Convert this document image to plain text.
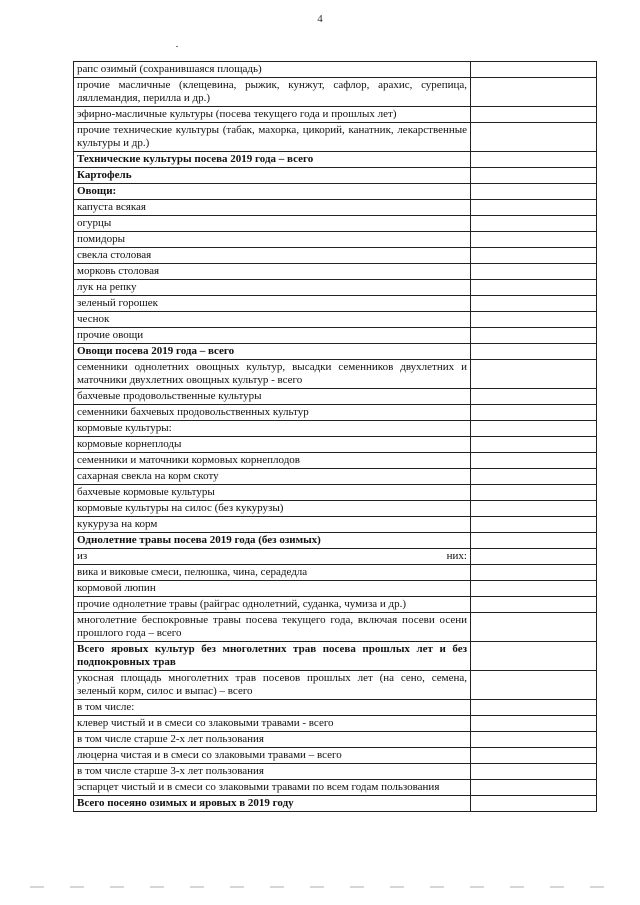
4
рапс озимый (сохранившаяся площадь)	
прочие масличные (клещевина, рыжик, кунжут, сафлор, арахис, сурепица, ляллемандия, перилла и др.)	
эфирно-масличные культуры (посева текущего года и прошлых лет)	
прочие технические культуры (табак, махорка, цикорий, канатник, лекарственные культуры и др.)	
Технические культуры посева 2019 года – всего	
Картофель	
Овощи:	
капуста всякая	
огурцы	
помидоры	
свекла столовая	
морковь столовая	
лук на репку	
зеленый горошек	
чеснок	
прочие овощи	
Овощи посева 2019 года – всего	
семенники однолетних овощных культур, высадки семенников двухлетних и маточники двухлетних овощных культур - всего	
бахчевые продовольственные культуры	
семенники бахчевых продовольственных культур	
кормовые культуры:	
кормовые корнеплоды	
семенники и маточники кормовых корнеплодов	
сахарная свекла на корм скоту	
бахчевые кормовые культуры	
кормовые культуры на силос (без кукурузы)	
кукуруза на корм	
Однолетние травы посева 2019 года (без озимых)	

из них:	

вика и виковые смеси, пелюшка, чина, серадедла	
кормовой люпин	
прочие однолетние травы (райграс однолетний, суданка, чумиза и др.)	
многолетние беспокровные травы посева текущего года, включая посеви осени прошлого года – всего	
Всего яровых культур без многолетних трав посева прошлых лет и без подпокровных трав	
укосная площадь многолетних трав посевов прошлых лет (на сено, семена, зеленый корм, силос и выпас) – всего	
в том числе:	
клевер чистый и в смеси со злаковыми травами - всего	
в том числе старше 2-х лет пользования	
люцерна чистая и в смеси со злаковыми травами – всего	
в том числе старше 3-х лет пользования	
эспарцет чистый и в смеси со злаковыми травами по всем годам пользования	
Всего посеяно озимых и яровых в 2019 году	
